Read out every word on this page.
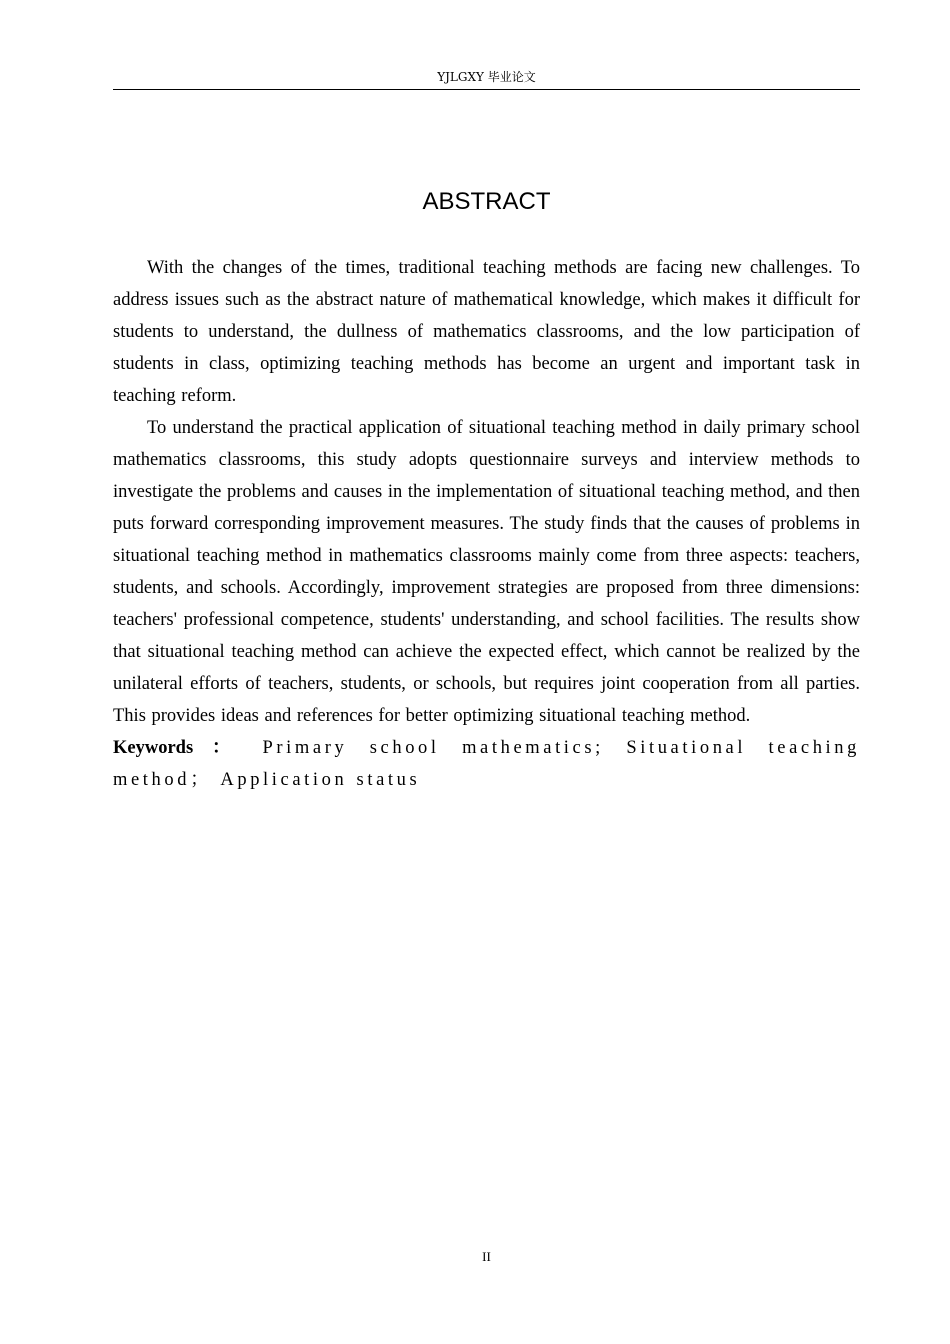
YJLGXY 毕业论文
ABSTRACT

With the changes of the times, traditional teaching methods are facing new challenges. To address issues such as the abstract nature of mathematical knowledge, which makes it difficult for students to understand, the dullness of mathematics classrooms, and the low participation of students in class, optimizing teaching methods has become an urgent and important task in teaching reform.

To understand the practical application of situational teaching method in daily primary school mathematics classrooms, this study adopts questionnaire surveys and interview methods to investigate the problems and causes in the implementation of situational teaching method, and then puts forward corresponding improvement measures. The study finds that the causes of problems in situational teaching method in mathematics classrooms mainly come from three aspects: teachers, students, and schools. Accordingly, improvement strategies are proposed from three dimensions: teachers' professional competence, students' understanding, and school facilities. The results show that situational teaching method can achieve the expected effect, which cannot be realized by the unilateral efforts of teachers, students, or schools, but requires joint cooperation from all parties. This provides ideas and references for better optimizing situational teaching method.

Keywords ： Primary school mathematics; Situational teaching method； Application status

II
